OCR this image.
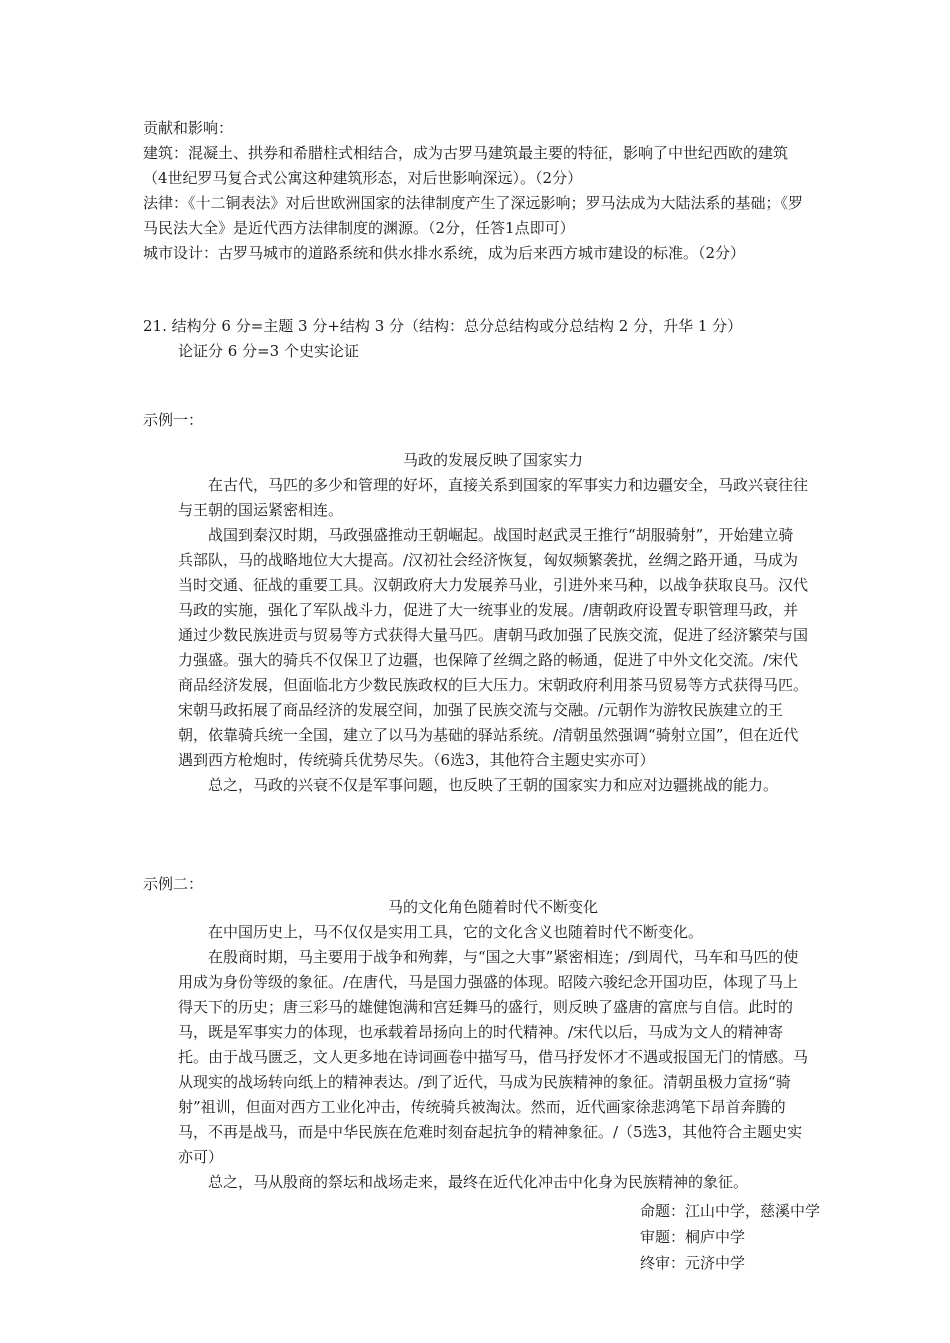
贡献和影响：

建筑：混凝土、拱券和希腊柱式相结合，成为古罗马建筑最主要的特征，影响了中世纪西欧的建筑（4世纪罗马复合式公寓这种建筑形态，对后世影响深远）。（2分）

法律：《十二铜表法》对后世欧洲国家的法律制度产生了深远影响；罗马法成为大陆法系的基础；《罗马民法大全》是近代西方法律制度的渊源。（2分，任答1点即可）

城市设计：古罗马城市的道路系统和供水排水系统，成为后来西方城市建设的标准。（2分）

21. 结构分 6 分=主题 3 分+结构 3 分（结构：总分总结构或分总结构 2 分，升华 1 分）

论证分 6 分=3 个史实论证

示例一：

马政的发展反映了国家实力

在古代，马匹的多少和管理的好坏，直接关系到国家的军事实力和边疆安全，马政兴衰往往与王朝的国运紧密相连。

战国到秦汉时期，马政强盛推动王朝崛起。战国时赵武灵王推行“胡服骑射”，开始建立骑兵部队，马的战略地位大大提高。/汉初社会经济恢复，匈奴频繁袭扰，丝绸之路开通，马成为当时交通、征战的重要工具。汉朝政府大力发展养马业，引进外来马种，以战争获取良马。汉代马政的实施，强化了军队战斗力，促进了大一统事业的发展。/唐朝政府设置专职管理马政，并通过少数民族进贡与贸易等方式获得大量马匹。唐朝马政加强了民族交流，促进了经济繁荣与国力强盛。强大的骑兵不仅保卫了边疆，也保障了丝绸之路的畅通，促进了中外文化交流。/宋代商品经济发展，但面临北方少数民族政权的巨大压力。宋朝政府利用茶马贸易等方式获得马匹。宋朝马政拓展了商品经济的发展空间，加强了民族交流与交融。/元朝作为游牧民族建立的王朝，依靠骑兵统一全国，建立了以马为基础的驿站系统。/清朝虽然强调“骑射立国”，但在近代遇到西方枪炮时，传统骑兵优势尽失。（6选3，其他符合主题史实亦可）

总之，马政的兴衰不仅是军事问题，也反映了王朝的国家实力和应对边疆挑战的能力。

示例二：

马的文化角色随着时代不断变化

在中国历史上，马不仅仅是实用工具，它的文化含义也随着时代不断变化。

在殷商时期，马主要用于战争和殉葬，与“国之大事”紧密相连；/到周代，马车和马匹的使用成为身份等级的象征。/在唐代，马是国力强盛的体现。昭陵六骏纪念开国功臣，体现了马上得天下的历史；唐三彩马的雄健饱满和宫廷舞马的盛行，则反映了盛唐的富庶与自信。此时的马，既是军事实力的体现，也承载着昂扬向上的时代精神。/宋代以后，马成为文人的精神寄托。由于战马匮乏，文人更多地在诗词画卷中描写马，借马抒发怀才不遇或报国无门的情感。马从现实的战场转向纸上的精神表达。/到了近代，马成为民族精神的象征。清朝虽极力宣扬“骑射”祖训，但面对西方工业化冲击，传统骑兵被淘汰。然而，近代画家徐悲鸿笔下昂首奔腾的马，不再是战马，而是中华民族在危难时刻奋起抗争的精神象征。/（5选3，其他符合主题史实亦可）

总之，马从殷商的祭坛和战场走来，最终在近代化冲击中化身为民族精神的象征。

命题：江山中学，慈溪中学

审题：桐庐中学

终审：元济中学
